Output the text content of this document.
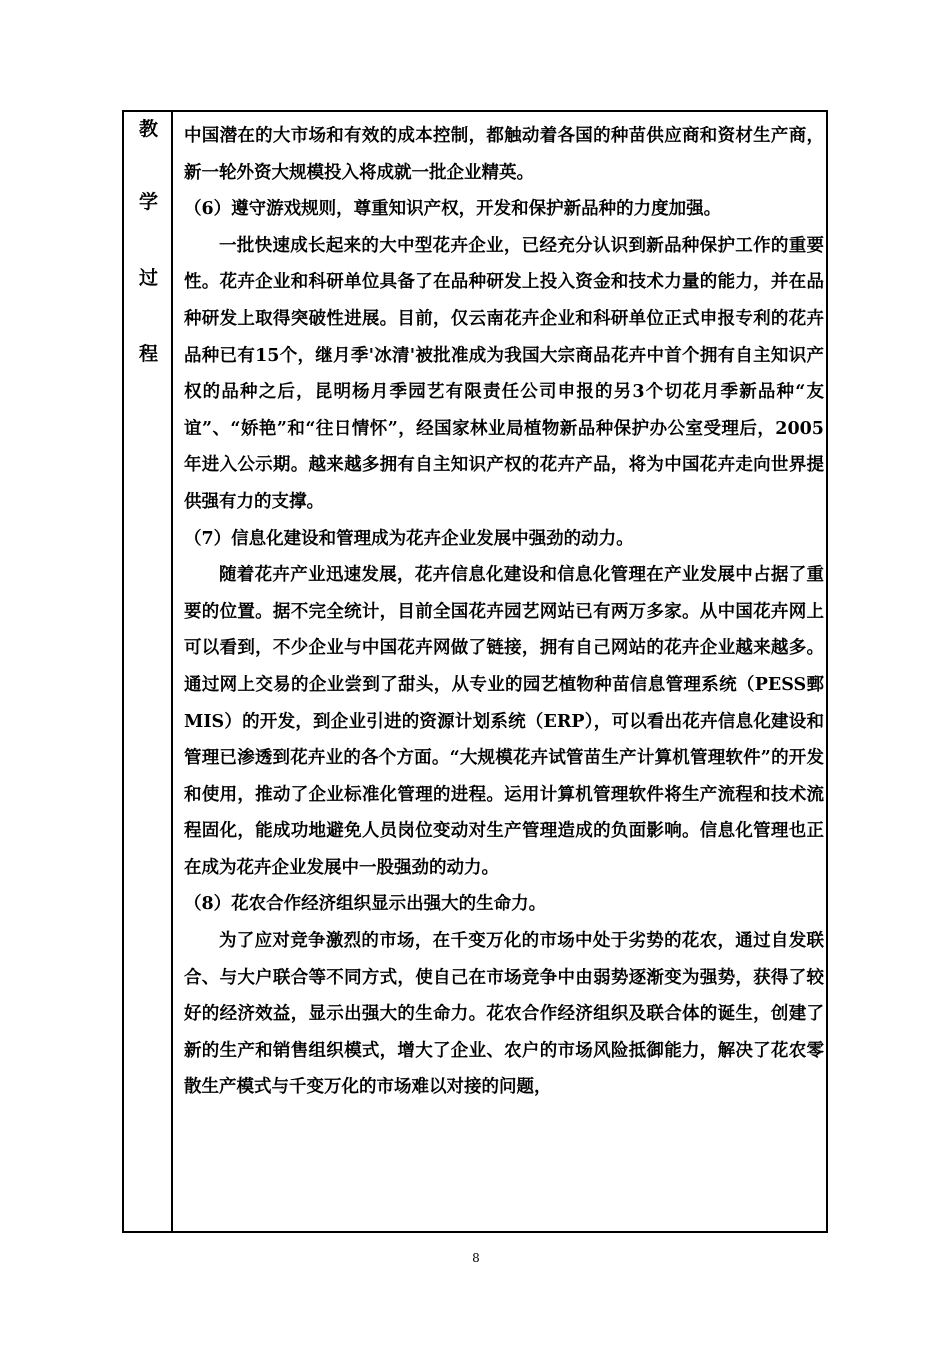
教
学
过
程

中国潜在的大市场和有效的成本控制，都触动着各国的种苗供应商和资材生产商，新一轮外资大规模投入将成就一批企业精英。

（6）遵守游戏规则，尊重知识产权，开发和保护新品种的力度加强。

一批快速成长起来的大中型花卉企业，已经充分认识到新品种保护工作的重要性。花卉企业和科研单位具备了在品种研发上投入资金和技术力量的能力，并在品种研发上取得突破性进展。目前，仅云南花卉企业和科研单位正式申报专利的花卉品种已有15个，继月季'冰清'被批准成为我国大宗商品花卉中首个拥有自主知识产权的品种之后，昆明杨月季园艺有限责任公司申报的另3个切花月季新品种“友谊”、“娇艳”和“往日情怀”，经国家林业局植物新品种保护办公室受理后，2005年进入公示期。越来越多拥有自主知识产权的花卉产品，将为中国花卉走向世界提供强有力的支撑。

（7）信息化建设和管理成为花卉企业发展中强劲的动力。

随着花卉产业迅速发展，花卉信息化建设和信息化管理在产业发展中占据了重要的位置。据不完全统计，目前全国花卉园艺网站已有两万多家。从中国花卉网上可以看到，不少企业与中国花卉网做了链接，拥有自己网站的花卉企业越来越多。通过网上交易的企业尝到了甜头，从专业的园艺植物种苗信息管理系统（PESS鄄MIS）的开发，到企业引进的资源计划系统（ERP），可以看出花卉信息化建设和管理已渗透到花卉业的各个方面。“大规模花卉试管苗生产计算机管理软件”的开发和使用，推动了企业标准化管理的进程。运用计算机管理软件将生产流程和技术流程固化，能成功地避免人员岗位变动对生产管理造成的负面影响。信息化管理也正在成为花卉企业发展中一股强劲的动力。

（8）花农合作经济组织显示出强大的生命力。

为了应对竞争激烈的市场，在千变万化的市场中处于劣势的花农，通过自发联合、与大户联合等不同方式，使自己在市场竞争中由弱势逐渐变为强势，获得了较好的经济效益，显示出强大的生命力。花农合作经济组织及联合体的诞生，创建了新的生产和销售组织模式，增大了企业、农户的市场风险抵御能力，解决了花农零散生产模式与千变万化的市场难以对接的问题，

8
